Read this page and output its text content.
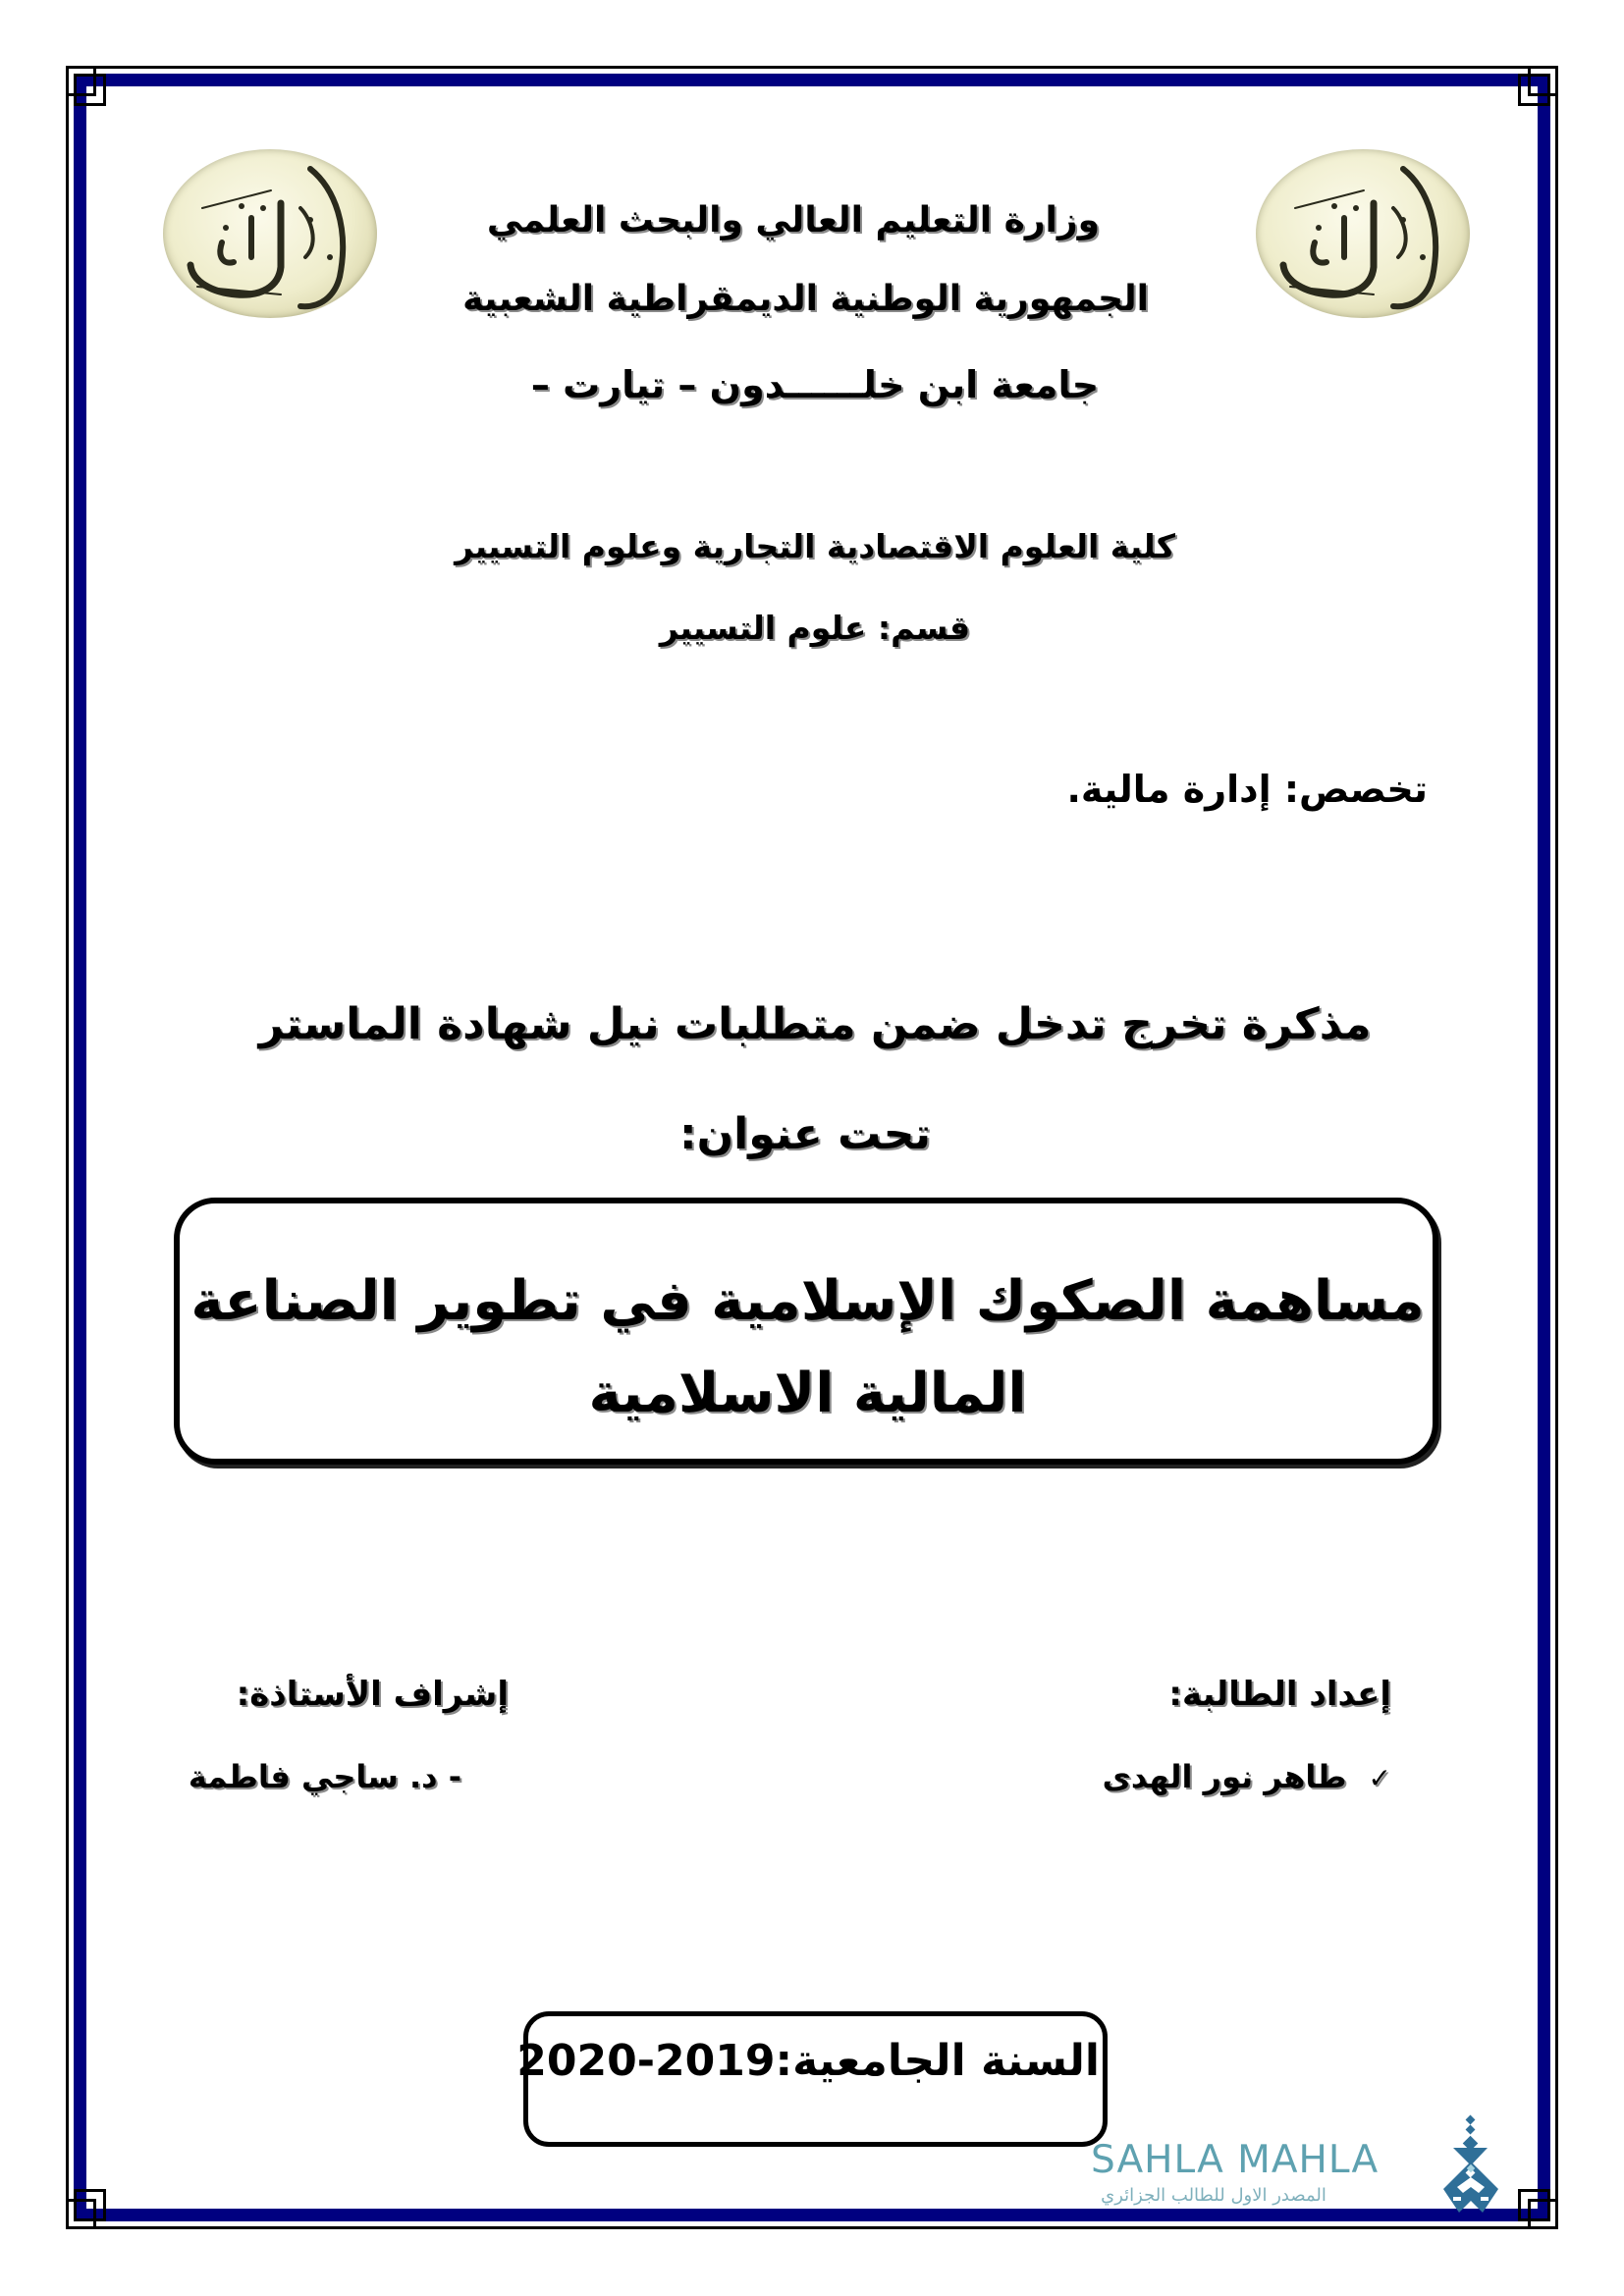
وزارة التعليم العالي والبحث العلمي
الجمهورية الوطنية الديمقراطية الشعبية
جامعة ابن خلــــــدون – تيارت –
كلية العلوم الاقتصادية التجارية وعلوم التسيير
قسم: علوم التسيير
تخصص: إدارة مالية.
مذكرة تخرج تدخل ضمن متطلبات نيل شهادة الماستر
تحت عنوان:
مساهمة الصكوك الإسلامية في تطوير الصناعة
المالية الاسلامية
إعداد الطالبة:
إشراف الأستاذة:
✓طاهر نور الهدى
- د. ساجي فاطمة
السنة الجامعية:2019-2020
SAHLA MAHLA
المصدر الاول للطالب الجزائري
